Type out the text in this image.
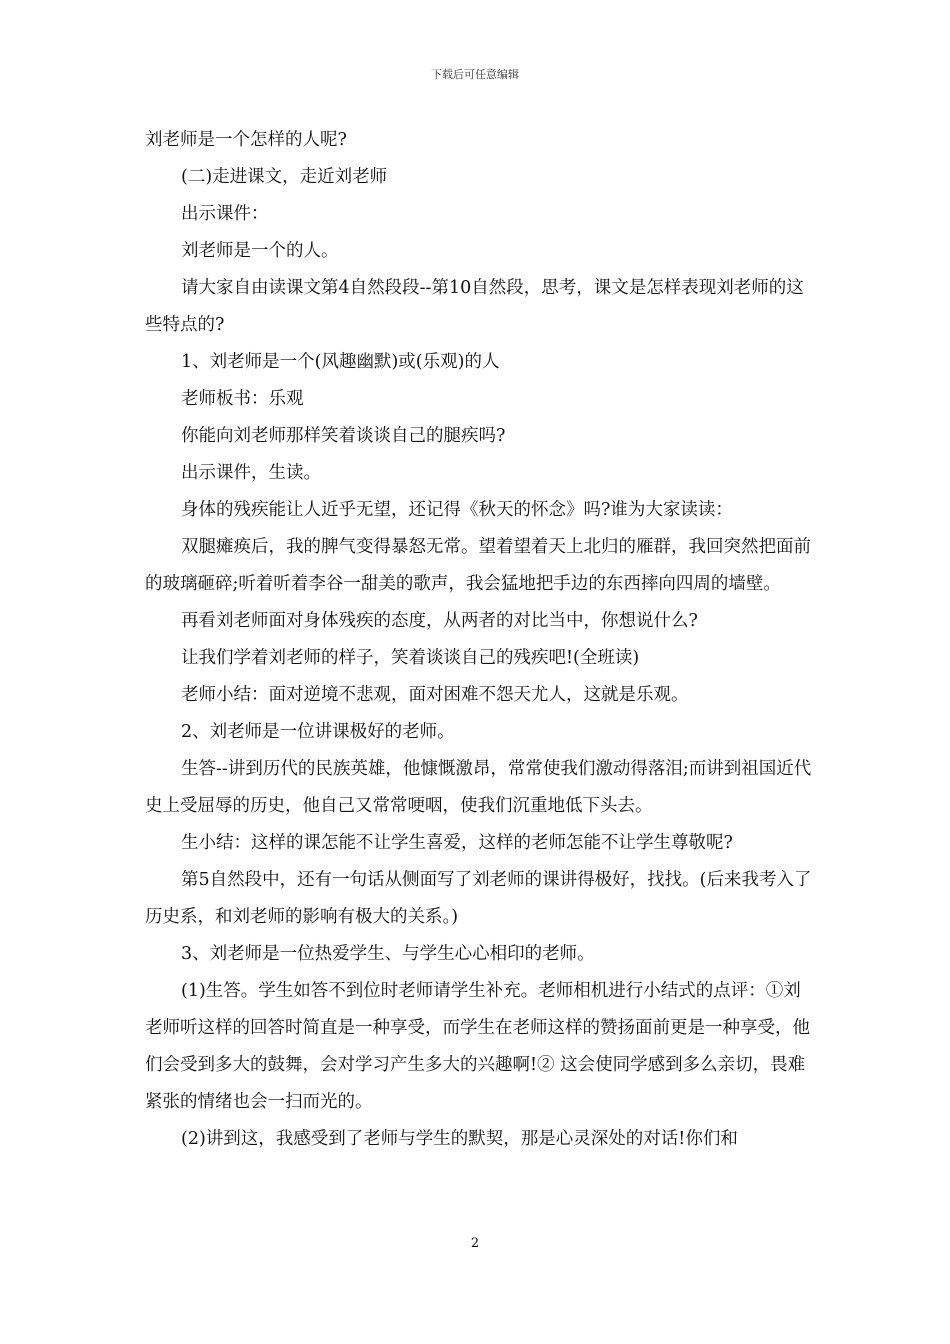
下载后可任意编辑

刘老师是一个怎样的人呢?

(二)走进课文，走近刘老师

出示课件：

刘老师是一个的人。

请大家自由读课文第4自然段段--第10自然段，思考，课文是怎样表现刘老师的这些特点的?

1、刘老师是一个(风趣幽默)或(乐观)的人

老师板书：乐观

你能向刘老师那样笑着谈谈自己的腿疾吗?

出示课件，生读。

身体的残疾能让人近乎无望，还记得《秋天的怀念》吗?谁为大家读读：

双腿瘫痪后，我的脾气变得暴怒无常。望着望着天上北归的雁群，我回突然把面前的玻璃砸碎;听着听着李谷一甜美的歌声，我会猛地把手边的东西摔向四周的墙壁。

再看刘老师面对身体残疾的态度，从两者的对比当中，你想说什么?

让我们学着刘老师的样子，笑着谈谈自己的残疾吧!(全班读)

老师小结：面对逆境不悲观，面对困难不怨天尤人，这就是乐观。

2、刘老师是一位讲课极好的老师。

生答--讲到历代的民族英雄，他慷慨激昂，常常使我们激动得落泪;而讲到祖国近代史上受屈辱的历史，他自己又常常哽咽，使我们沉重地低下头去。

生小结：这样的课怎能不让学生喜爱，这样的老师怎能不让学生尊敬呢?

第5自然段中，还有一句话从侧面写了刘老师的课讲得极好，找找。(后来我考入了历史系，和刘老师的影响有极大的关系。)

3、刘老师是一位热爱学生、与学生心心相印的老师。

(1)生答。学生如答不到位时老师请学生补充。老师相机进行小结式的点评：①刘老师听这样的回答时简直是一种享受，而学生在老师这样的赞扬面前更是一种享受，他们会受到多大的鼓舞，会对学习产生多大的兴趣啊!② 这会使同学感到多么亲切，畏难紧张的情绪也会一扫而光的。

(2)讲到这，我感受到了老师与学生的默契，那是心灵深处的对话!你们和

2
